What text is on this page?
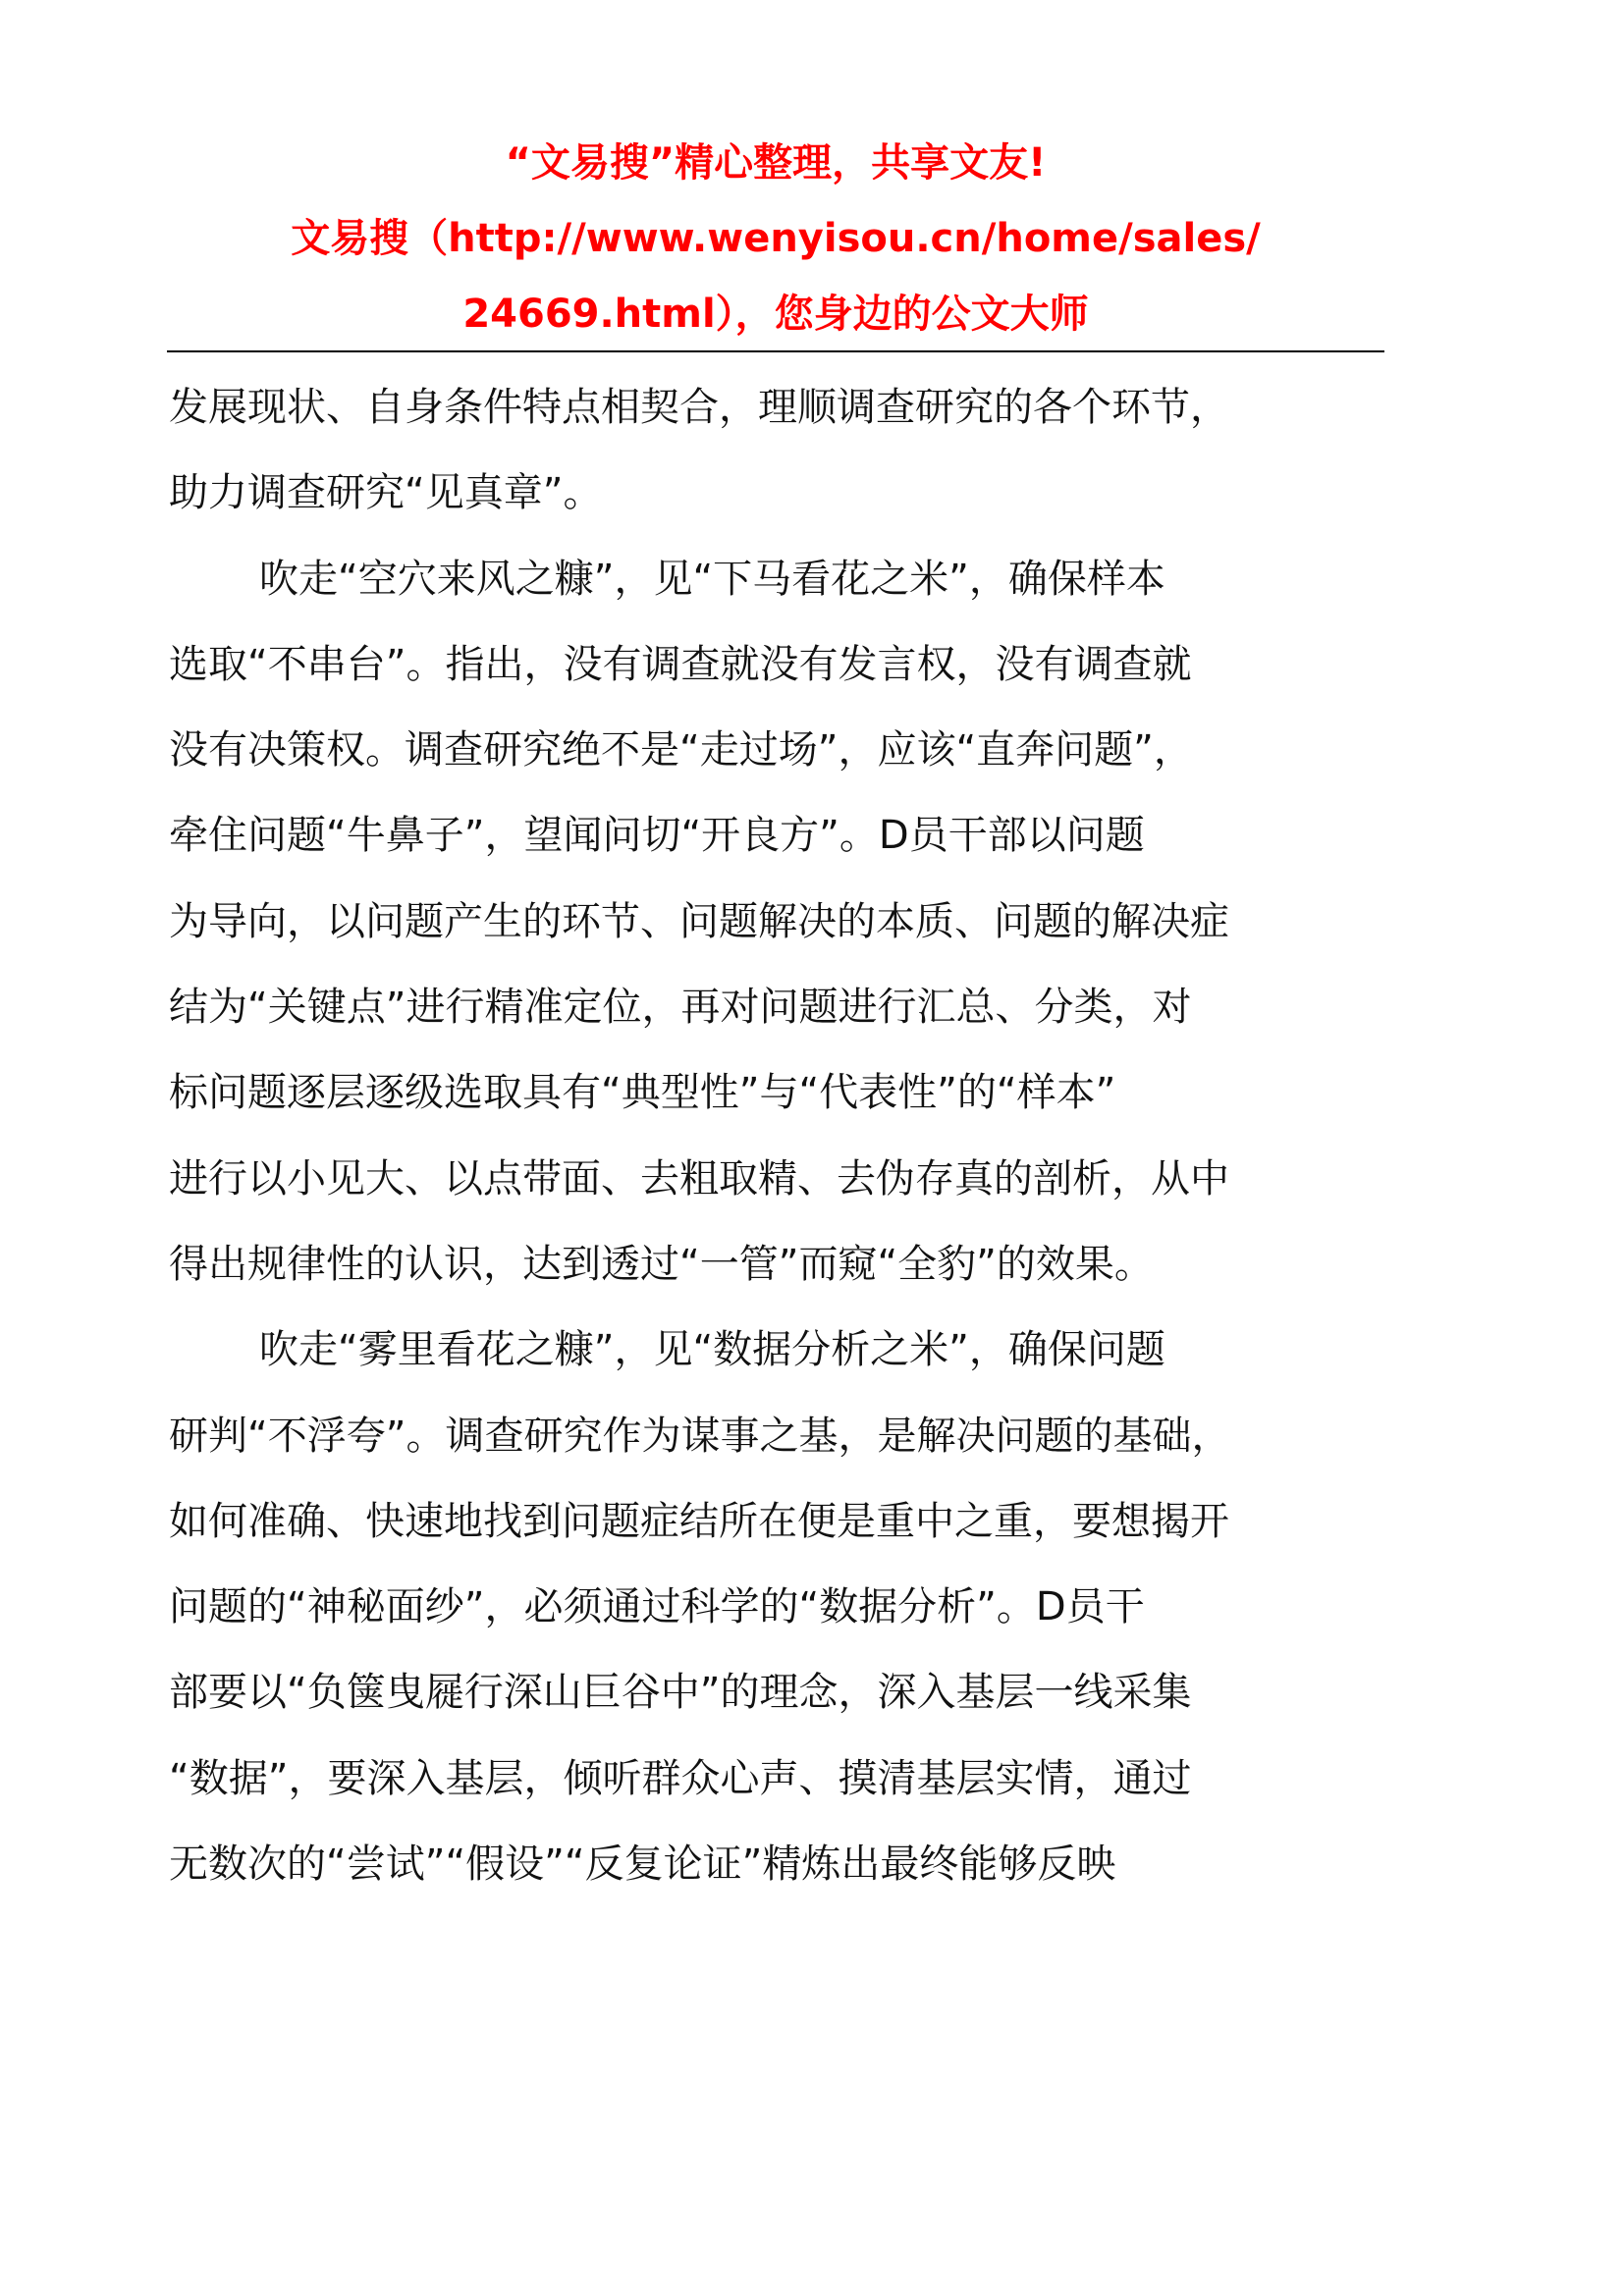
“文易搜”精心整理，共享文友!
文易搜（http://www.wenyisou.cn/home/sales/
24669.html），您身边的公文大师
发展现状、自身条件特点相契合，理顺调查研究的各个环节，
助力调查研究“见真章”。
吹走“空穴来风之糠”，见“下马看花之米”，确保样本
选取“不串台”。指出，没有调查就没有发言权，没有调查就
没有决策权。调查研究绝不是“走过场”，应该“直奔问题”，
牵住问题“牛鼻子”，望闻问切“开良方”。D员干部以问题
为导向，以问题产生的环节、问题解决的本质、问题的解决症
结为“关键点”进行精准定位，再对问题进行汇总、分类，对
标问题逐层逐级选取具有“典型性”与“代表性”的“样本”
进行以小见大、以点带面、去粗取精、去伪存真的剖析，从中
得出规律性的认识，达到透过“一管”而窥“全豹”的效果。
吹走“雾里看花之糠”，见“数据分析之米”，确保问题
研判“不浮夸”。调查研究作为谋事之基，是解决问题的基础，
如何准确、快速地找到问题症结所在便是重中之重，要想揭开
问题的“神秘面纱”，必须通过科学的“数据分析”。D员干
部要以“负箧曳屣行深山巨谷中”的理念，深入基层一线采集
“数据”，要深入基层，倾听群众心声、摸清基层实情，通过
无数次的“尝试”“假设”“反复论证”精炼出最终能够反映
